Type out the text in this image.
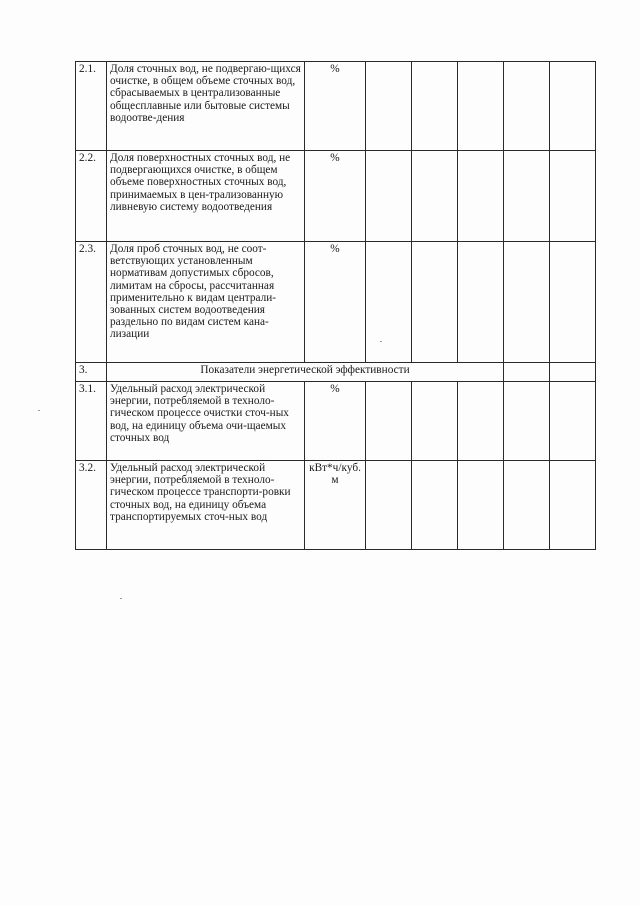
2.1.	Доля сточных вод, не подвергаю-щихся очистке, в общем объеме сточных вод, сбрасываемых в централизованные общесплавные или бытовые системы водоотве-дения	%					
2.2.	Доля поверхностных сточных вод, не подвергающихся очистке, в общем объеме поверхностных сточных вод, принимаемых в цен-трализованную ливневую систему водоотведения	%					
2.3.	Доля проб сточных вод, не соот-ветствующих установленным нормативам допустимых сбросов, лимитам на сбросы, рассчитанная применительно к видам централи-зованных систем водоотведения раздельно по видам систем кана-лизации	%					
3.	Показатели энергетической эффективности						
3.1.	Удельный расход электрической энергии, потребляемой в техноло-гическом процессе очистки сточ-ных вод, на единицу объема очи-щаемых сточных вод	%					
3.2.	Удельный расход электрической энергии, потребляемой в техноло-гическом процессе транспорти-ровки сточных вод, на единицу объема транспортируемых сточ-ных вод	кВт*ч/куб. м					
